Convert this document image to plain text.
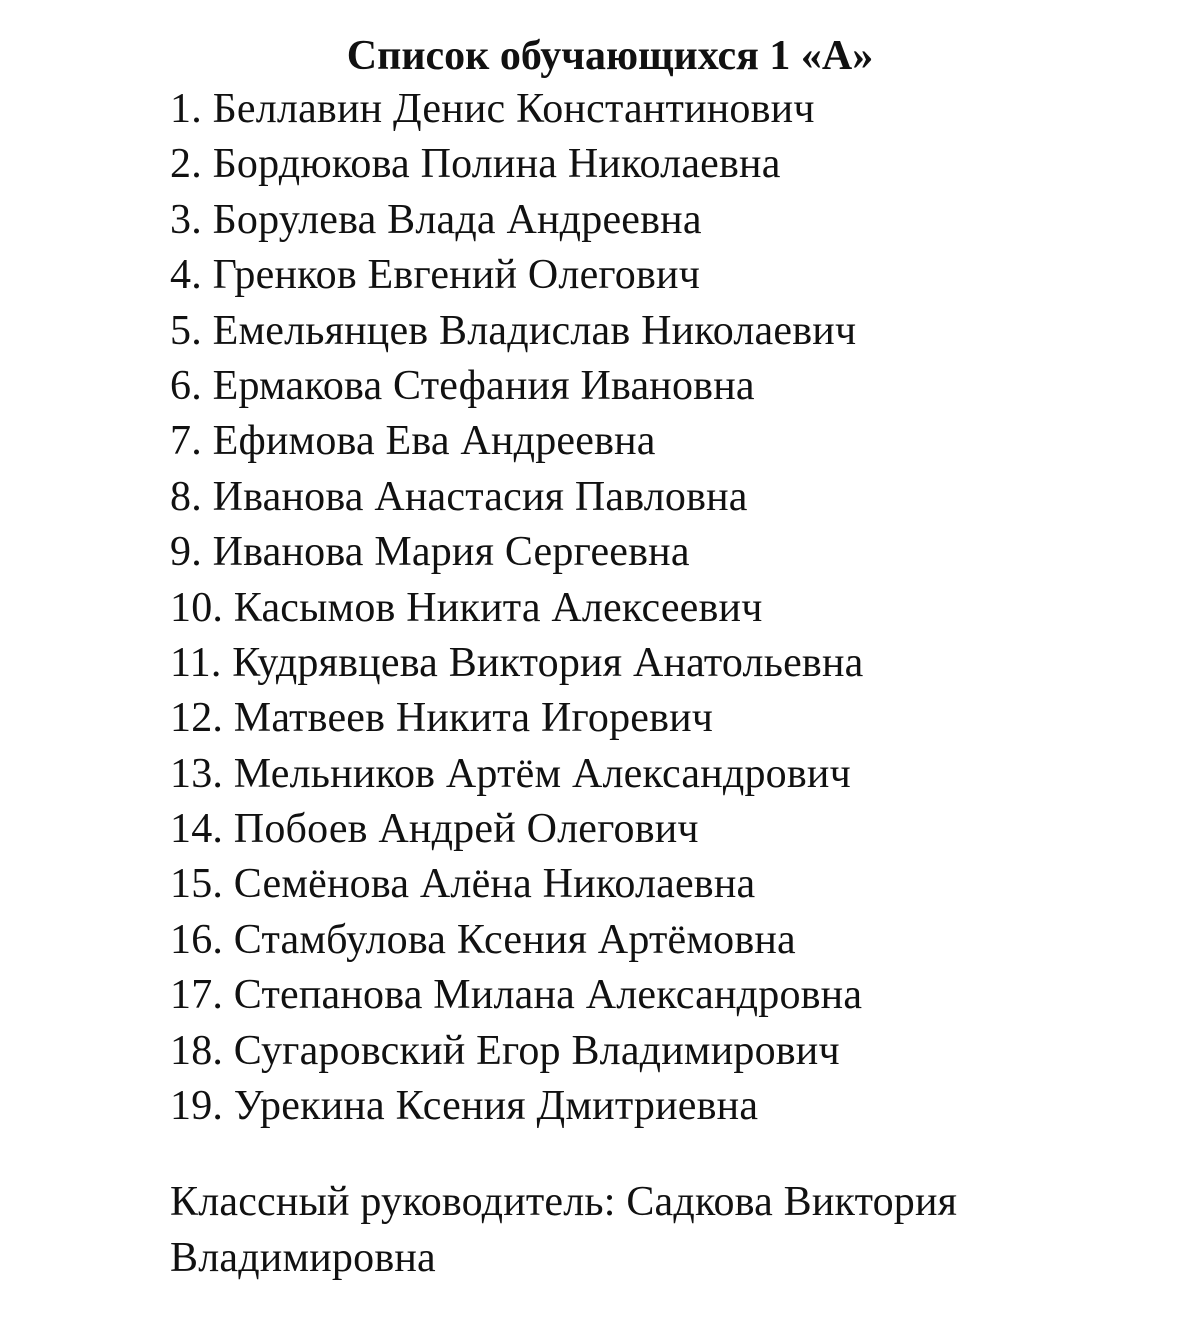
Список обучающихся 1 «А»
1. Беллавин Денис Константинович
2. Бордюкова Полина Николаевна
3. Борулева Влада Андреевна
4. Гренков Евгений Олегович
5. Емельянцев Владислав Николаевич
6. Ермакова Стефания Ивановна
7. Ефимова Ева Андреевна
8. Иванова Анастасия Павловна
9. Иванова Мария Сергеевна
10. Касымов Никита Алексеевич
11. Кудрявцева Виктория Анатольевна
12. Матвеев Никита Игоревич
13. Мельников Артём Александрович
14. Побоев Андрей Олегович
15. Семёнова Алёна Николаевна
16. Стамбулова Ксения Артёмовна
17. Степанова Милана Александровна
18. Сугаровский Егор Владимирович
19. Урекина Ксения Дмитриевна

Классный руководитель: Садкова Виктория Владимировна
